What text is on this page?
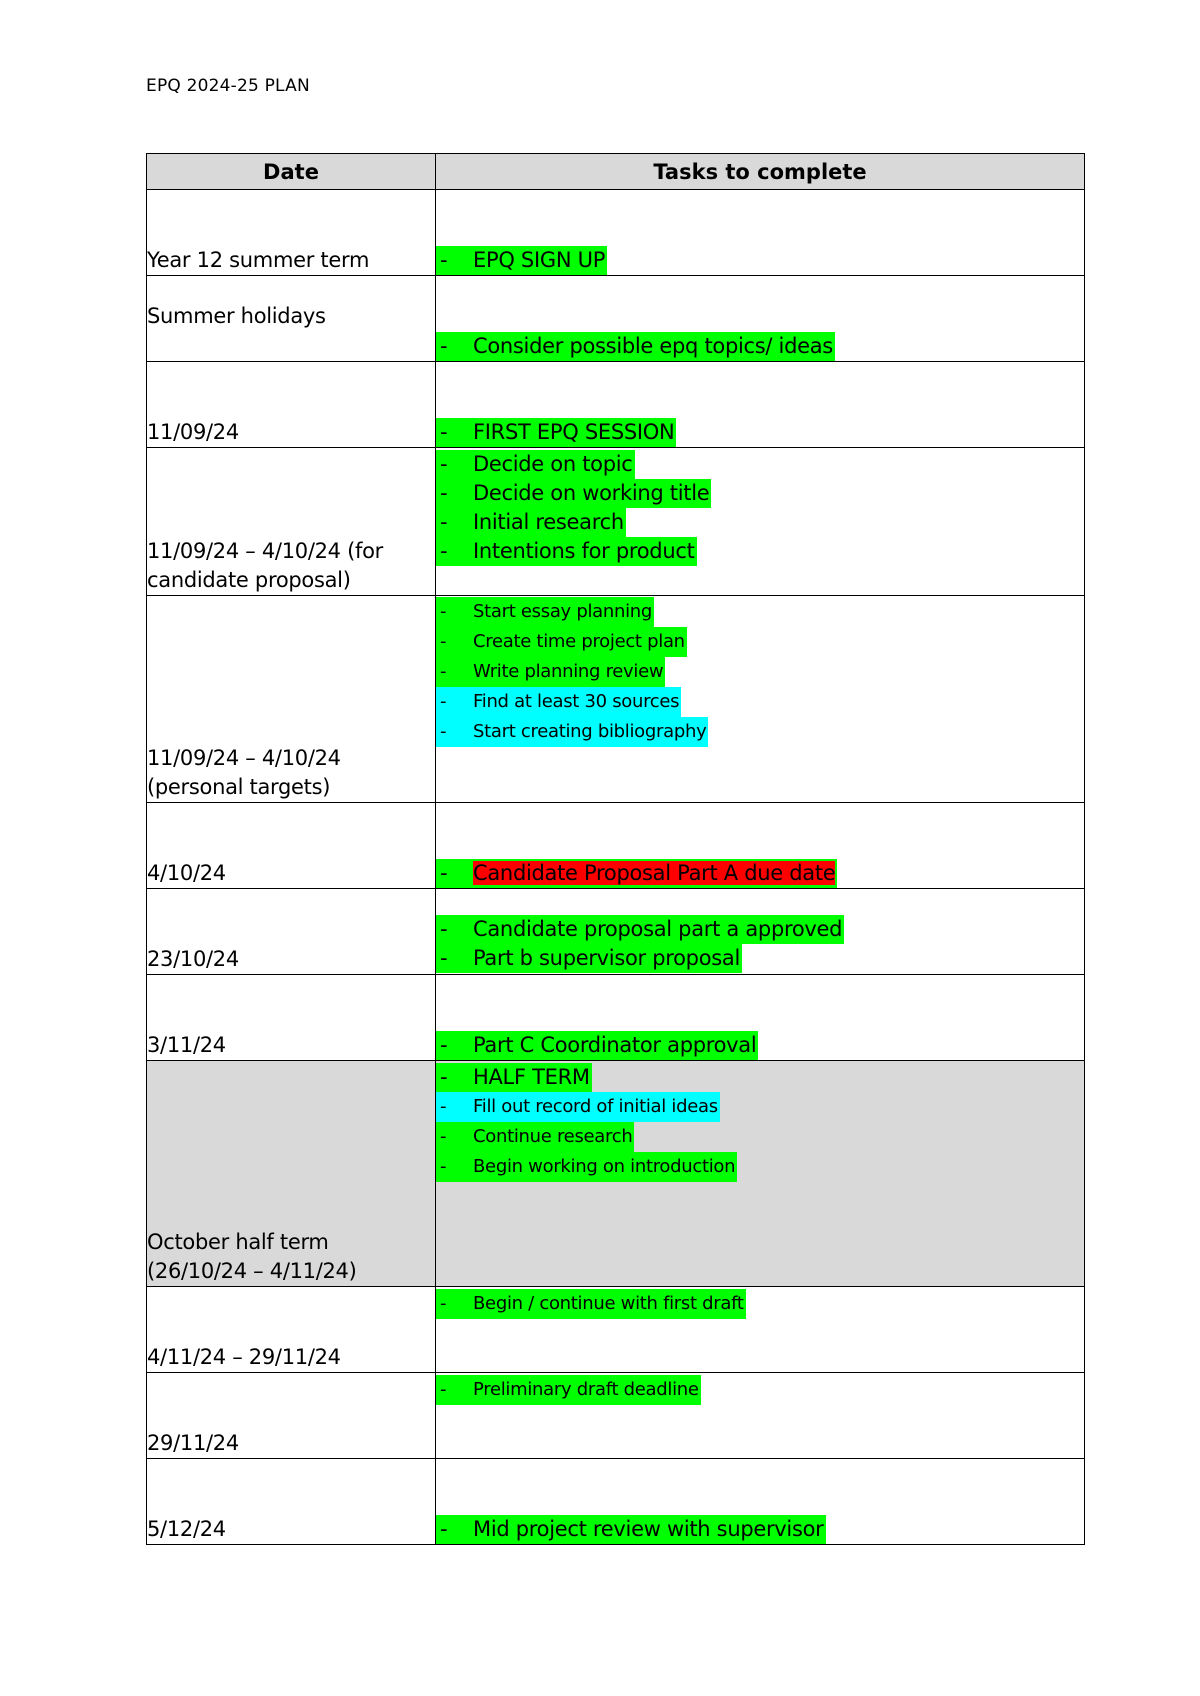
EPQ 2024-25 PLAN
Date	Tasks to complete
Year 12 summer term	- EPQ SIGN UP

Summer holidays	- Consider possible epq topics/ ideas

11/09/24	- FIRST EPQ SESSION

11/09/24 – 4/10/24 (for
candidate proposal)	- Decide on topic
- Decide on working title
- Initial research
- Intentions for product

11/09/24 – 4/10/24
(personal targets)	- Start essay planning
- Create time project plan
- Write planning review
- Find at least 30 sources
- Start creating bibliography

4/10/24	- Candidate Proposal Part A due date

23/10/24	- Candidate proposal part a approved
- Part b supervisor proposal

3/11/24	- Part C Coordinator approval

October half term
(26/10/24 – 4/11/24)	- HALF TERM
- Fill out record of initial ideas
- Continue research
- Begin working on introduction

4/11/24 – 29/11/24	- Begin / continue with first draft

29/11/24	- Preliminary draft deadline

5/12/24	- Mid project review with supervisor
